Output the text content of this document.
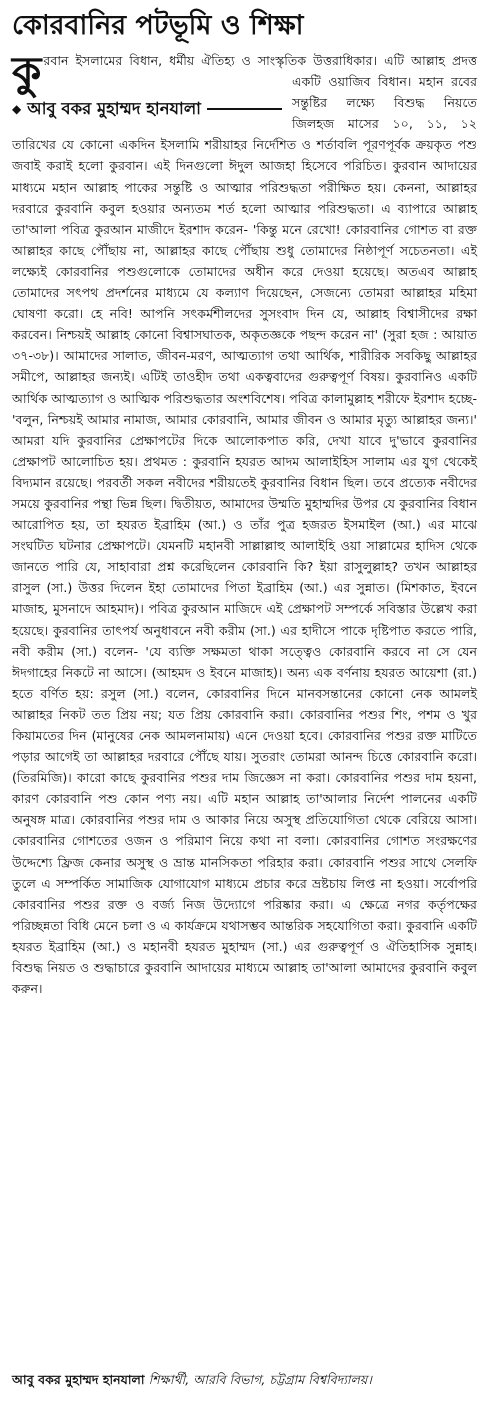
কোরবানির পটভূমি ও শিক্ষা
কু

◆ আবু বকর মুহাম্মদ হানযালা
রবান ইসলামের বিধান, ধর্মীয় ঐতিহ্য ও সাংস্কৃতিক উত্তরাধিকার। এটি আল্লাহ প্রদত্ত একটি ওয়াজিব বিধান। মহান রবের সন্তুষ্টির লক্ষ্যে বিশুদ্ধ নিয়তে জিলহজ মাসের ১০, ১১, ১২ তারিখের যে কোনো একদিন ইসলামি শরীয়াহর নির্দেশিত ও শর্তাবলি পূরণপূর্বক ক্রয়কৃত পশু জবাই করাই হলো কুরবান। এই দিনগুলো ঈদুল আজহা হিসেবে পরিচিত। কুরবান আদায়ের মাধ্যমে মহান আল্লাহ পাকের সন্তুষ্টি ও আত্মার পরিশুদ্ধতা পরীক্ষিত হয়। কেননা, আল্লাহর দরবারে কুরবানি কবুল হওয়ার অন্যতম শর্ত হলো আত্মার পরিশুদ্ধতা। এ ব্যাপারে আল্লাহ তা'আলা পবিত্র কুরআন মাজীদে ইরশাদ করেন- 'কিন্তু মনে রেখো! কোরবানির গোশত বা রক্ত আল্লাহর কাছে পৌঁছায় না, আল্লাহর কাছে পৌঁছায় শুধু তোমাদের নিষ্ঠাপূর্ণ সচেতনতা। এই লক্ষ্যেই কোরবানির পশুগুলোকে তোমাদের অধীন করে দেওয়া হয়েছে। অতএব আল্লাহ তোমাদের সৎপথ প্রদর্শনের মাধ্যমে যে কল্যাণ দিয়েছেন, সেজন্যে তোমরা আল্লাহর মহিমা ঘোষণা করো। হে নবি! আপনি সৎকর্মশীলদের সুসংবাদ দিন যে, আল্লাহ বিশ্বাসীদের রক্ষা করবেন। নিশ্চয়ই আল্লাহ কোনো বিশ্বাসঘাতক, অকৃতজ্ঞকে পছন্দ করেন না' (সুরা হজ : আয়াত ৩৭-৩৮)। আমাদের সালাত, জীবন-মরণ, আত্মত্যাগ তথা আর্থিক, শারীরিক সবকিছু আল্লাহর সমীপে, আল্লাহর জন্যই। এটিই তাওহীদ তথা একত্ববাদের গুরুত্বপূর্ণ বিষয়। কুরবানিও একটি আর্থিক আত্মত্যাগ ও আত্মিক পরিশুদ্ধতার অংশবিশেষ। পবিত্র কালামুল্লাহ শরীফে ইরশাদ হচ্ছে- 'বলুন, নিশ্চয়ই আমার নামাজ, আমার কোরবানি, আমার জীবন ও আমার মৃত্যু আল্লাহর জন্য।' আমরা যদি কুরবানির প্রেক্ষাপটের দিকে আলোকপাত করি, দেখা যাবে দু'ভাবে কুরবানির প্রেক্ষাপট আলোচিত হয়। প্রথমত : কুরবানি হযরত আদম আলাইহিস সালাম এর যুগ থেকেই বিদ্যমান রয়েছে। পরবর্তী সকল নবীদের শরীয়তেই কুরবানির বিধান ছিল। তবে প্রত্যেক নবীদের সময়ে কুরবানির পন্থা ভিন্ন ছিল। দ্বিতীয়ত, আমাদের উম্মতি মুহাম্মদির উপর যে কুরবানির বিধান আরোপিত হয়, তা হযরত ইব্রাহিম (আ.) ও তাঁর পুত্র হজরত ইসমাইল (আ.) এর মাঝে সংঘটিত ঘটনার প্রেক্ষাপটে। যেমনটি মহানবী সাল্লাল্লাহু আলাইহি ওয়া সাল্লামের হাদিস থেকে জানতে পারি যে, সাহাবারা প্রশ্ন করেছিলেন কোরবানি কি? ইয়া রাসুলুল্লাহ? তখন আল্লাহর রাসুল (সা.) উত্তর দিলেন ইহা তোমাদের পিতা ইব্রাহিম (আ.) এর সুন্নাত। (মিশকাত, ইবনে মাজাহ, মুসনাদে আহমাদ)। পবিত্র কুরআন মাজিদে এই প্রেক্ষাপট সম্পর্কে সবিস্তার উল্লেখ করা হয়েছে। কুরবানির তাৎপর্য অনুধাবনে নবী করীম (সা.) এর হাদীসে পাকে দৃষ্টিপাত করতে পারি, নবী করীম (সা.) বলেন- 'যে ব্যক্তি সক্ষমতা থাকা সত্ত্বেও কোরবানি করবে না সে যেন ঈদগাহের নিকটে না আসে। (আহমদ ও ইবনে মাজাহ)। অন্য এক বর্ণনায় হযরত আয়েশা (রা.) হতে বর্ণিত হয়: রসুল (সা.) বলেন, কোরবানির দিনে মানবসন্তানের কোনো নেক আমলই আল্লাহর নিকট তত প্রিয় নয়; যত প্রিয় কোরবানি করা। কোরবানির পশুর শিং, পশম ও খুর কিয়ামতের দিন (মানুষের নেক আমলনামায়) এনে দেওয়া হবে। কোরবানির পশুর রক্ত মাটিতে পড়ার আগেই তা আল্লাহর দরবারে পৌঁছে যায়। সুতরাং তোমরা আনন্দ চিত্তে কোরবানি করো। (তিরমিজি)। কারো কাছে কুরবানির পশুর দাম জিজ্ঞেস না করা। কোরবানির পশুর দাম হয়না, কারণ কোরবানি পশু কোন পণ্য নয়। এটি মহান আল্লাহ তা'আলার নির্দেশ পালনের একটি অনুষঙ্গ মাত্র। কোরবানির পশুর দাম ও আকার নিয়ে অসুস্থ প্রতিযোগিতা থেকে বেরিয়ে আসা। কোরবানির গোশতের ওজন ও পরিমাণ নিয়ে কথা না বলা। কোরবানির গোশত সংরক্ষণের উদ্দেশ্যে ফ্রিজ কেনার অসুস্থ ও ভ্রান্ত মানসিকতা পরিহার করা। কোরবানি পশুর সাথে সেলফি তুলে এ সম্পর্কিত সামাজিক যোগাযোগ মাধ্যমে প্রচার করে ভ্রষ্টচায় লিপ্ত না হওয়া। সর্বোপরি কোরবানির পশুর রক্ত ও বর্জ্য নিজ উদ্যোগে পরিষ্কার করা। এ ক্ষেত্রে নগর কর্তৃপক্ষের পরিচ্ছন্নতা বিধি মেনে চলা ও এ কার্যক্রমে যথাসম্ভব আন্তরিক সহযোগিতা করা। কুরবানি একটি হযরত ইব্রাহিম (আ.) ও মহানবী হযরত মুহাম্মদ (সা.) এর গুরুত্বপূর্ণ ও ঐতিহাসিক সুন্নাহ। বিশুদ্ধ নিয়ত ও শুদ্ধাচারে কুরবানি আদায়ের মাধ্যমে আল্লাহ তা'আলা আমাদের কুরবানি কবুল করুন।

আবু বকর মুহাম্মদ হানযালা শিক্ষার্থী, আরবি বিভাগ, চট্টগ্রাম বিশ্ববিদ্যালয়।
